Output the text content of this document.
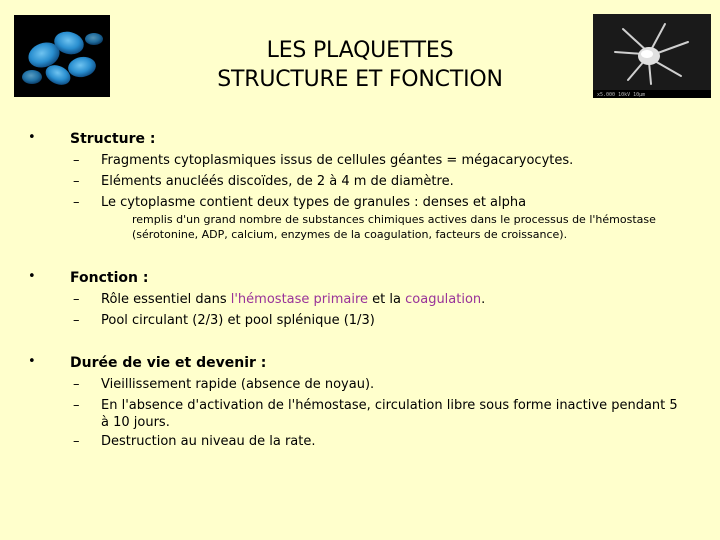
x5.000 10kV 10µm
LES PLAQUETTES
STRUCTURE ET FONCTION
• Structure :
–	Fragments cytoplasmiques issus de cellules géantes = mégacaryocytes.
–	Eléments anucléés discoïdes, de 2 à 4 m de diamètre.
–	Le cytoplasme contient deux types de granules : denses et alpha
remplis d'un grand nombre de substances chimiques actives dans le processus de l'hémostase (sérotonine, ADP, calcium, enzymes de la coagulation, facteurs de croissance).
• Fonction :
–	Rôle essentiel dans l'hémostase primaire et la coagulation.
–	Pool circulant (2/3) et pool splénique (1/3)
• Durée de vie et devenir :
–	Vieillissement rapide (absence de noyau).
–	En l'absence d'activation de l'hémostase, circulation libre sous forme inactive pendant 5 à 10 jours.
–	Destruction au niveau de la rate.
